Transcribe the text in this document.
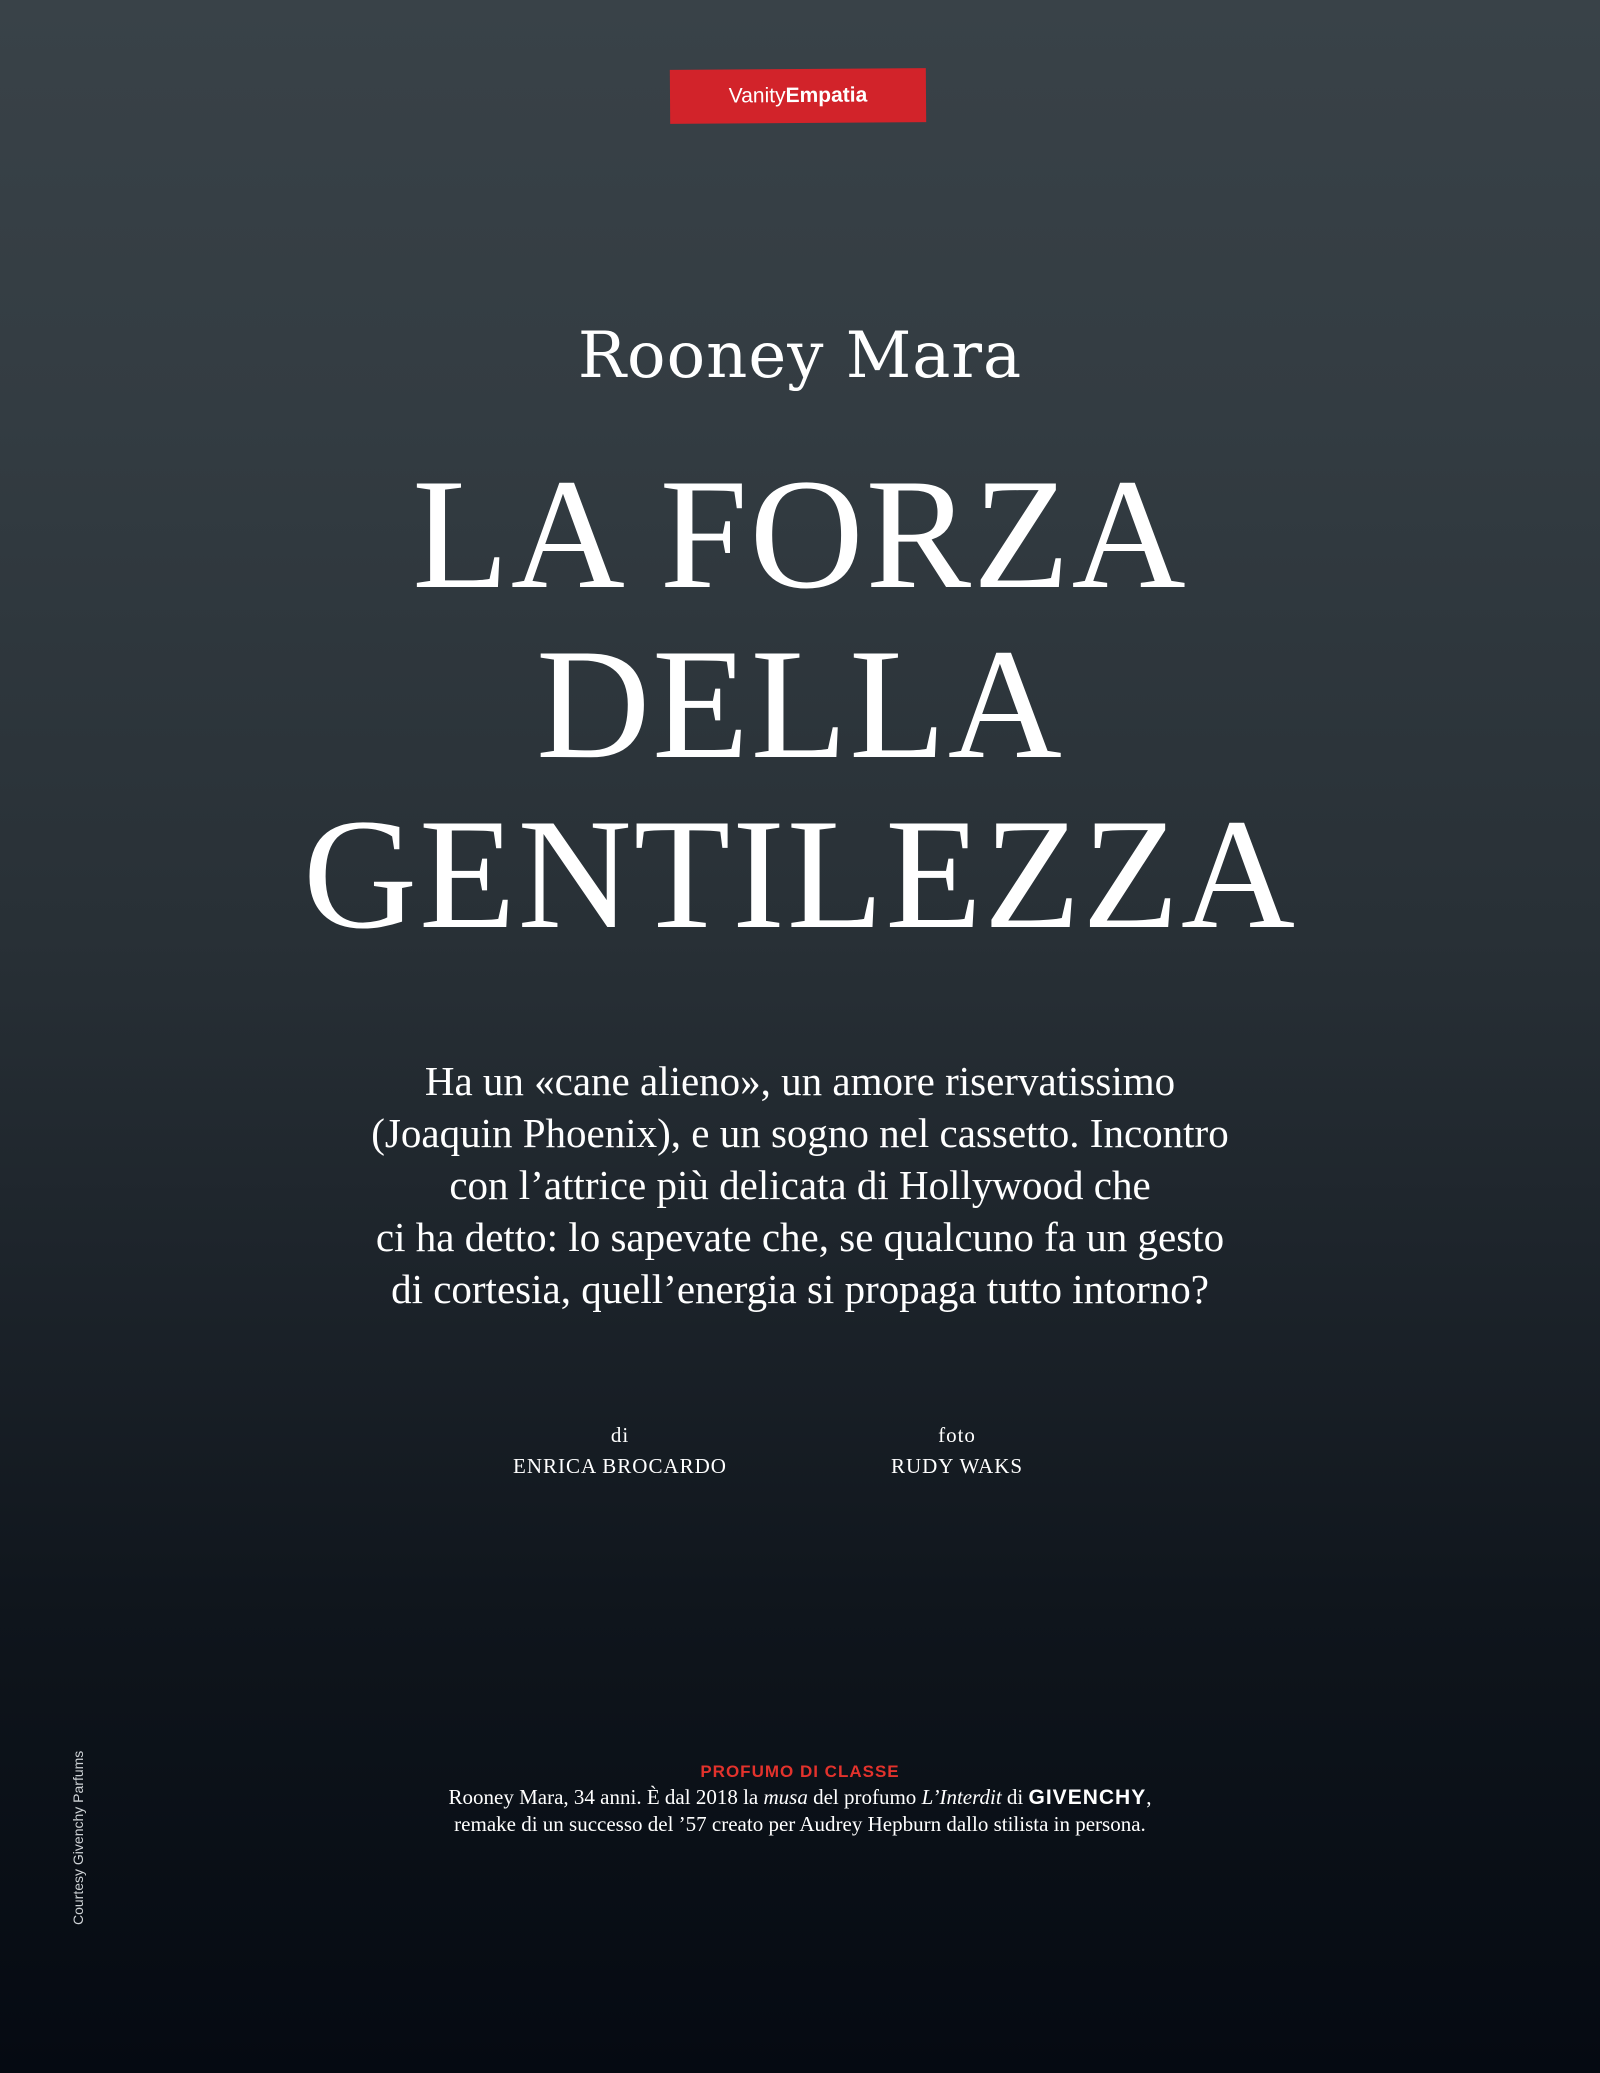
Vanity Empatia
Rooney Mara
LA FORZA
DELLA
GENTILEZZA

Ha un «cane alieno», un amore riservatissimo
(Joaquin Phoenix), e un sogno nel cassetto. Incontro
con l’attrice più delicata di Hollywood che
ci ha detto: lo sapevate che, se qualcuno fa un gesto
di cortesia, quell’energia si propaga tutto intorno?

di
ENRICA BROCARDO
foto
RUDY WAKS
Courtesy Givenchy Parfums	PROFUMO DI CLASSE
Rooney Mara, 34 anni. È dal 2018 la musa del profumo L’Interdit di GIVENCHY,
remake di un successo del ’57 creato per Audrey Hepburn dallo stilista in persona.
